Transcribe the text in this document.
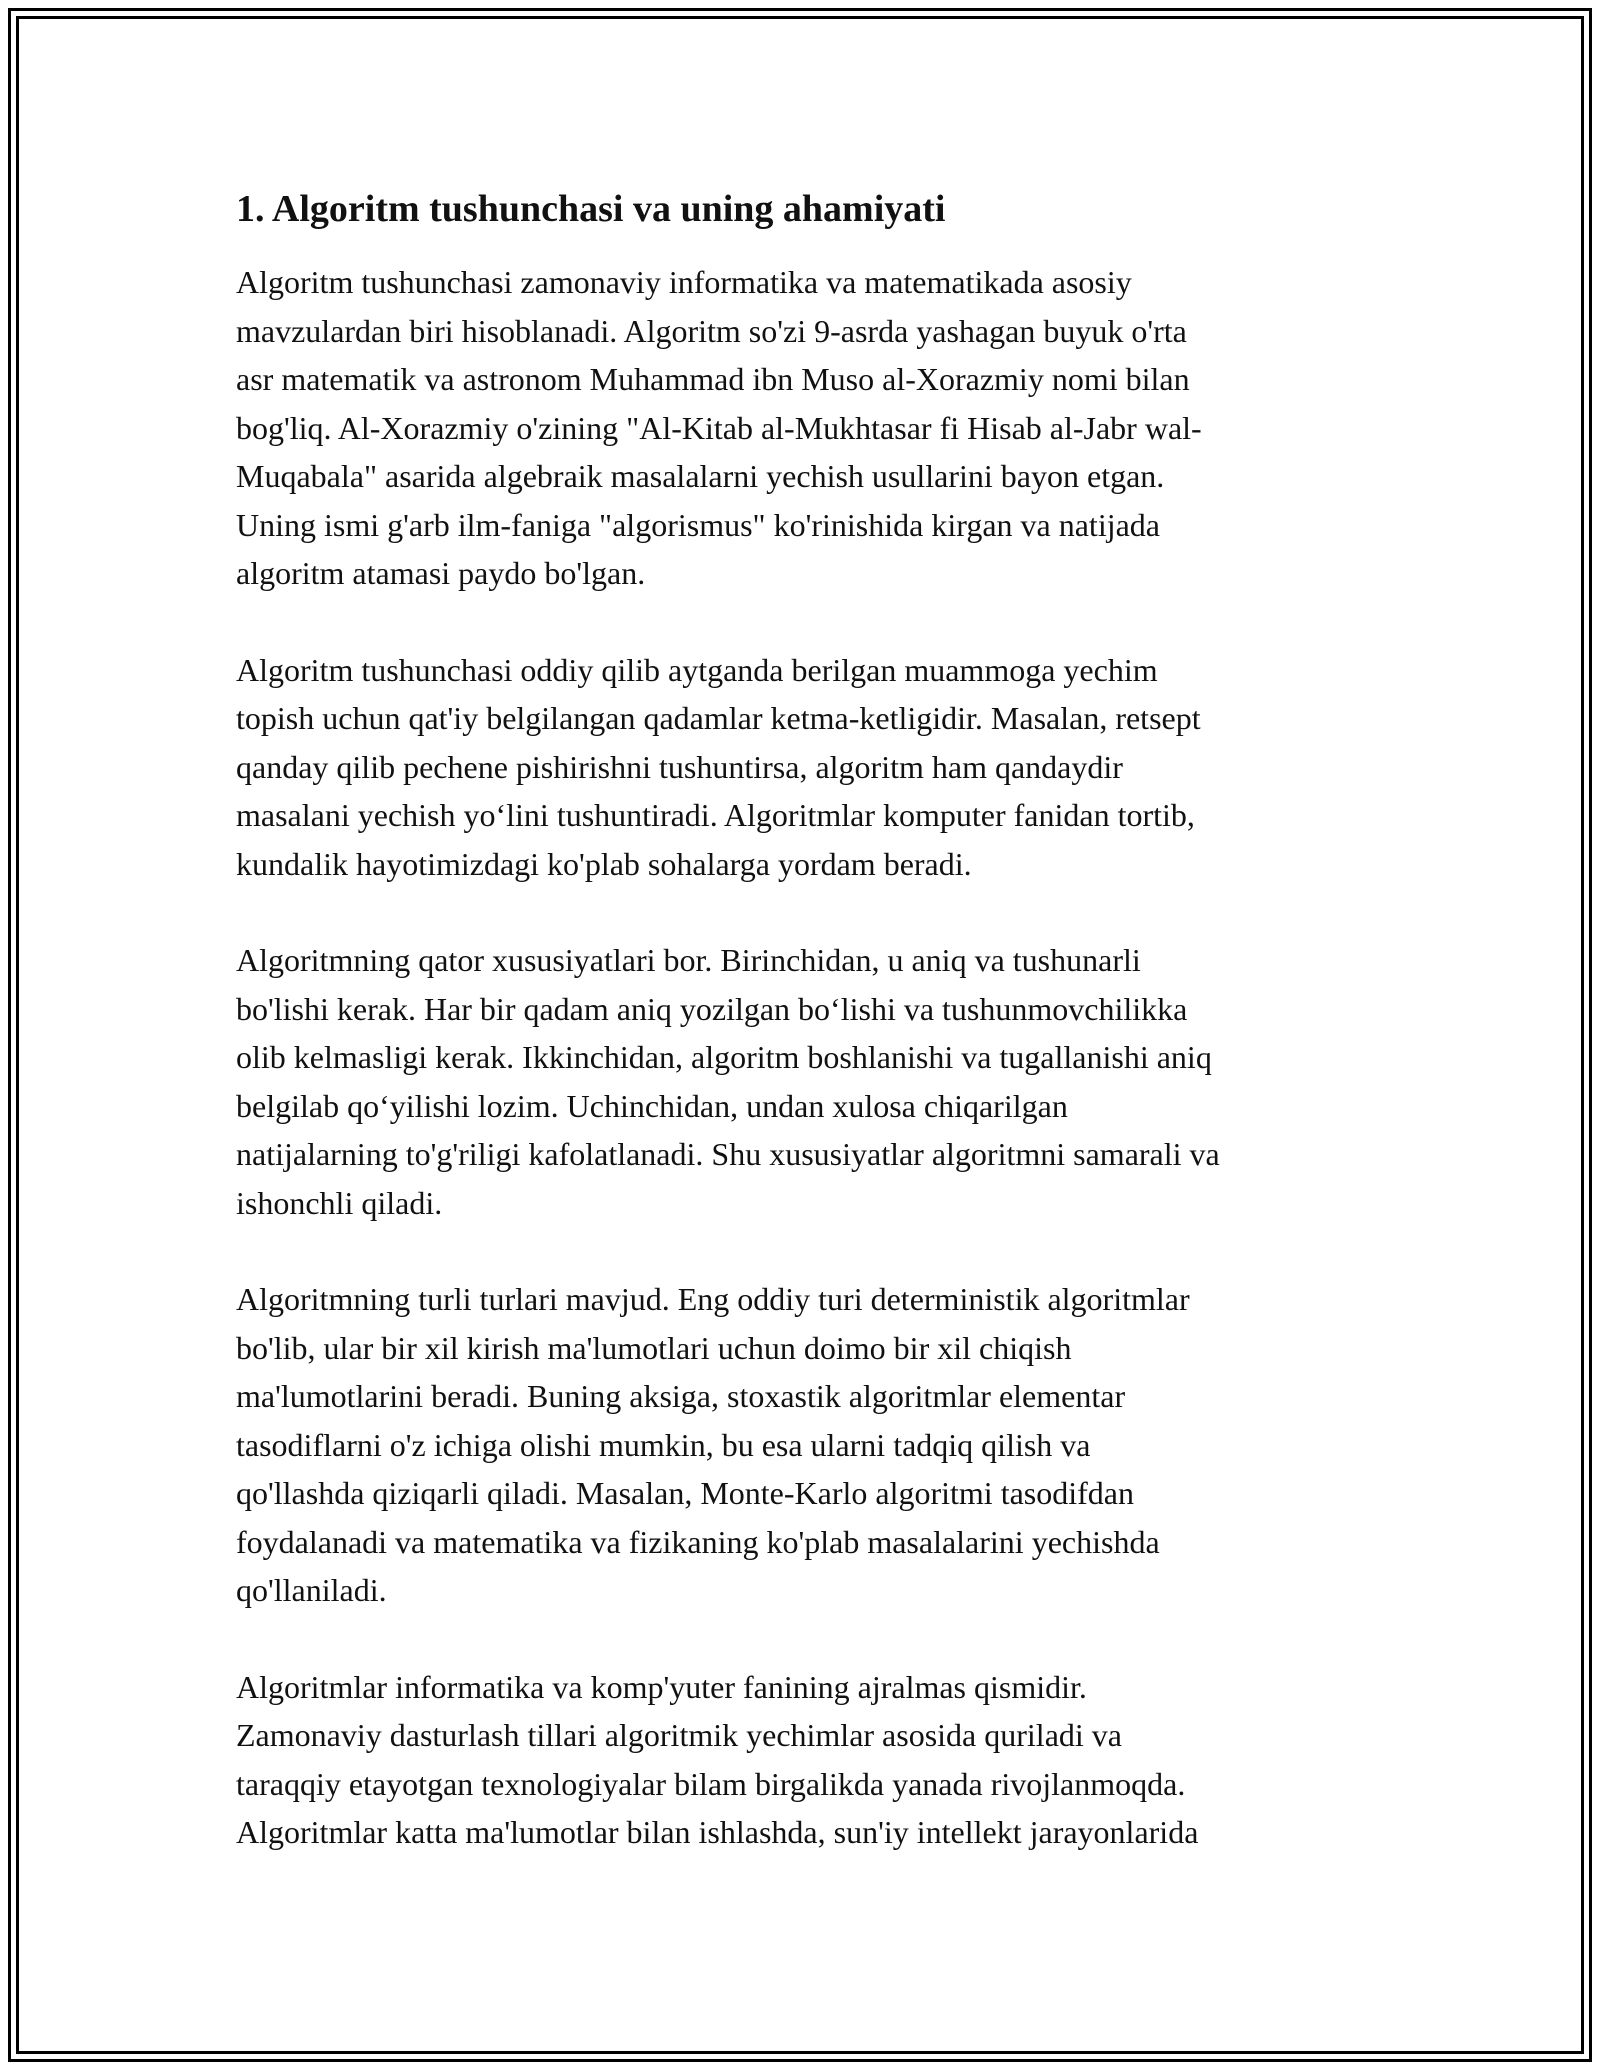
1. Algoritm tushunchasi va uning ahamiyati

Algoritm tushunchasi zamonaviy informatika va matematikada asosiy
mavzulardan biri hisoblanadi. Algoritm so'zi 9-asrda yashagan buyuk o'rta
asr matematik va astronom Muhammad ibn Muso al-Xorazmiy nomi bilan
bog'liq. Al-Xorazmiy o'zining "Al-Kitab al-Mukhtasar fi Hisab al-Jabr wal-
Muqabala" asarida algebraik masalalarni yechish usullarini bayon etgan.
Uning ismi g'arb ilm-faniga "algorismus" ko'rinishida kirgan va natijada
algoritm atamasi paydo bo'lgan.

Algoritm tushunchasi oddiy qilib aytganda berilgan muammoga yechim
topish uchun qat'iy belgilangan qadamlar ketma-ketligidir. Masalan, retsept
qanday qilib pechene pishirishni tushuntirsa, algoritm ham qandaydir
masalani yechish yoʻlini tushuntiradi. Algoritmlar komputer fanidan tortib,
kundalik hayotimizdagi ko'plab sohalarga yordam beradi.

Algoritmning qator xususiyatlari bor. Birinchidan, u aniq va tushunarli
bo'lishi kerak. Har bir qadam aniq yozilgan boʻlishi va tushunmovchilikka
olib kelmasligi kerak. Ikkinchidan, algoritm boshlanishi va tugallanishi aniq
belgilab qoʻyilishi lozim. Uchinchidan, undan xulosa chiqarilgan
natijalarning to'g'riligi kafolatlanadi. Shu xususiyatlar algoritmni samarali va
ishonchli qiladi.

Algoritmning turli turlari mavjud. Eng oddiy turi deterministik algoritmlar
bo'lib, ular bir xil kirish ma'lumotlari uchun doimo bir xil chiqish
ma'lumotlarini beradi. Buning aksiga, stoxastik algoritmlar elementar
tasodiflarni o'z ichiga olishi mumkin, bu esa ularni tadqiq qilish va
qo'llashda qiziqarli qiladi. Masalan, Monte-Karlo algoritmi tasodifdan
foydalanadi va matematika va fizikaning ko'plab masalalarini yechishda
qo'llaniladi.

Algoritmlar informatika va komp'yuter fanining ajralmas qismidir.
Zamonaviy dasturlash tillari algoritmik yechimlar asosida quriladi va
taraqqiy etayotgan texnologiyalar bilam birgalikda yanada rivojlanmoqda.
Algoritmlar katta ma'lumotlar bilan ishlashda, sun'iy intellekt jarayonlarida
